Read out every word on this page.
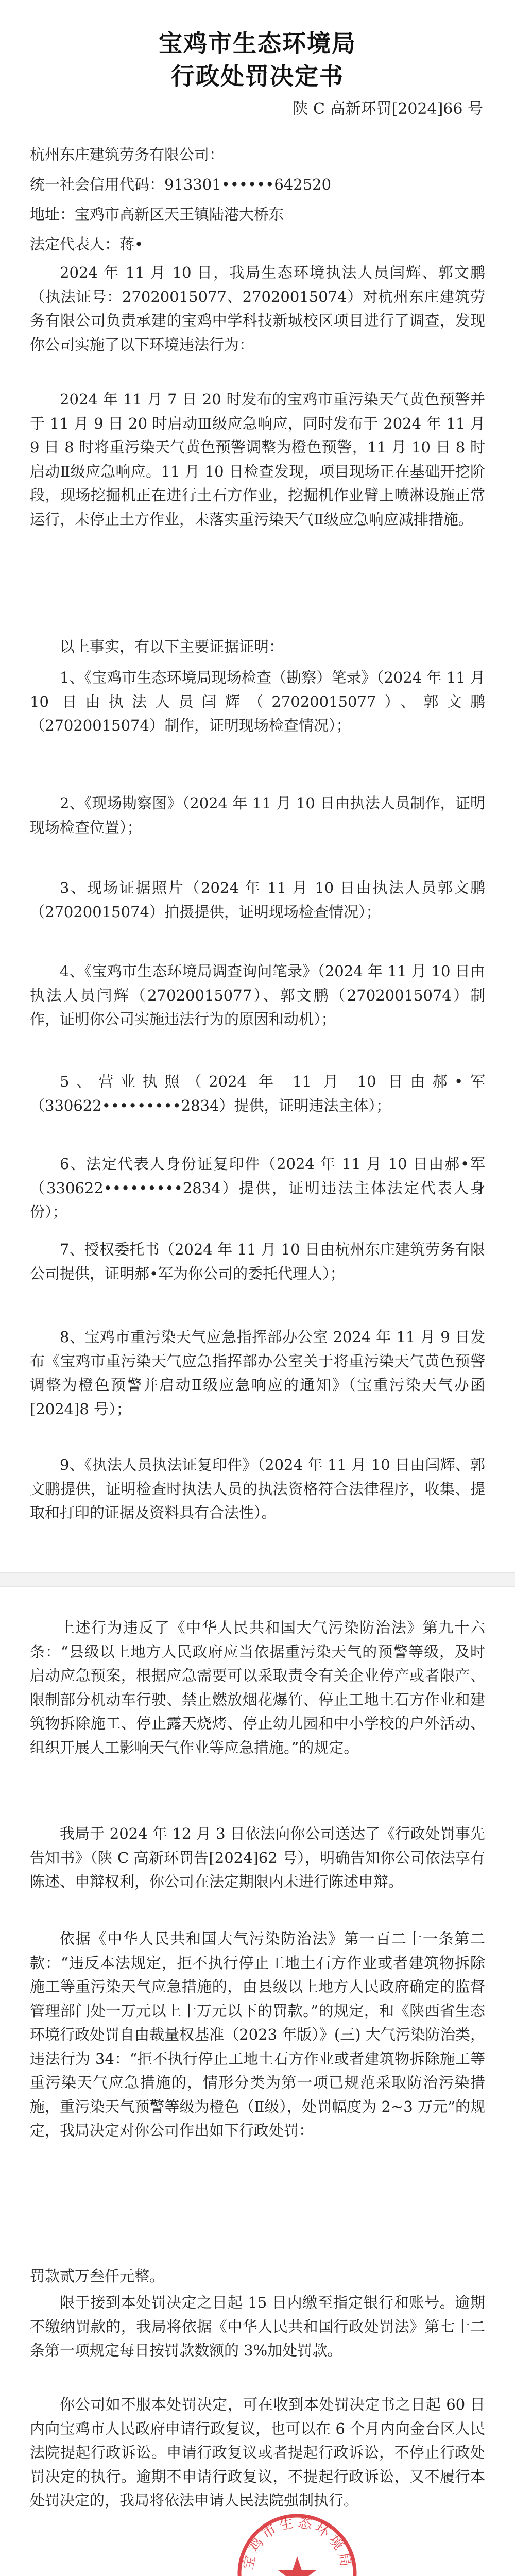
宝鸡市生态环境局
行政处罚决定书
陕 C 高新环罚[2024]66 号
杭州东庄建筑劳务有限公司：
统一社会信用代码：913301••••••642520
地址：宝鸡市高新区天王镇陆港大桥东
法定代表人：蒋•
2024 年 11 月 10 日，我局生态环境执法人员闫辉、郭文鹏（执法证号：27020015077、27020015074）对杭州东庄建筑劳务有限公司负责承建的宝鸡中学科技新城校区项目进行了调查，发现你公司实施了以下环境违法行为：
2024 年 11 月 7 日 20 时发布的宝鸡市重污染天气黄色预警并于 11 月 9 日 20 时启动Ⅲ级应急响应，同时发布于 2024 年 11 月 9 日 8 时将重污染天气黄色预警调整为橙色预警，11 月 10 日 8 时启动Ⅱ级应急响应。11 月 10 日检查发现，项目现场正在基础开挖阶段，现场挖掘机正在进行土石方作业，挖掘机作业臂上喷淋设施正常运行，未停止土方作业，未落实重污染天气Ⅱ级应急响应减排措施。
以上事实，有以下主要证据证明：
1、《宝鸡市生态环境局现场检查（勘察）笔录》（2024 年 11 月 10 日由执法人员闫辉（27020015077）、郭文鹏（27020015074）制作，证明现场检查情况）；
2、《现场勘察图》（2024 年 11 月 10 日由执法人员制作，证明现场检查位置）；
3、现场证据照片（2024 年 11 月 10 日由执法人员郭文鹏（27020015074）拍摄提供，证明现场检查情况）；
4、《宝鸡市生态环境局调查询问笔录》（2024 年 11 月 10 日由执法人员闫辉（27020015077）、郭文鹏（27020015074）制作，证明你公司实施违法行为的原因和动机）；
5、营业执照（2024 年 11 月 10 日由郝•军（330622•••••••••2834）提供，证明违法主体）；
6、法定代表人身份证复印件（2024 年 11 月 10 日由郝•军（330622•••••••••2834）提供，证明违法主体法定代表人身份）；
7、授权委托书（2024 年 11 月 10 日由杭州东庄建筑劳务有限公司提供，证明郝•军为你公司的委托代理人）；
8、宝鸡市重污染天气应急指挥部办公室 2024 年 11 月 9 日发布《宝鸡市重污染天气应急指挥部办公室关于将重污染天气黄色预警调整为橙色预警并启动Ⅱ级应急响应的通知》（宝重污染天气办函[2024]8 号）；
9、《执法人员执法证复印件》（2024 年 11 月 10 日由闫辉、郭文鹏提供，证明检查时执法人员的执法资格符合法律程序，收集、提取和打印的证据及资料具有合法性）。
上述行为违反了《中华人民共和国大气污染防治法》第九十六条：“县级以上地方人民政府应当依据重污染天气的预警等级，及时启动应急预案，根据应急需要可以采取责令有关企业停产或者限产、限制部分机动车行驶、禁止燃放烟花爆竹、停止工地土石方作业和建筑物拆除施工、停止露天烧烤、停止幼儿园和中小学校的户外活动、组织开展人工影响天气作业等应急措施。”的规定。
我局于 2024 年 12 月 3 日依法向你公司送达了《行政处罚事先告知书》（陕 C 高新环罚告[2024]62 号），明确告知你公司依法享有陈述、申辩权利，你公司在法定期限内未进行陈述申辩。
依据《中华人民共和国大气污染防治法》第一百二十一条第二款：“违反本法规定，拒不执行停止工地土石方作业或者建筑物拆除施工等重污染天气应急措施的，由县级以上地方人民政府确定的监督管理部门处一万元以上十万元以下的罚款。”的规定，和《陕西省生态环境行政处罚自由裁量权基准（2023 年版）》(三) 大气污染防治类，违法行为 34：“拒不执行停止工地土石方作业或者建筑物拆除施工等重污染天气应急措施的，情形分类为第一项已规范采取防治污染措施，重污染天气预警等级为橙色（Ⅱ级），处罚幅度为 2~3 万元”的规定，我局决定对你公司作出如下行政处罚：
罚款贰万叁仟元整。
限于接到本处罚决定之日起 15 日内缴至指定银行和账号。逾期不缴纳罚款的，我局将依据《中华人民共和国行政处罚法》第七十二条第一项规定每日按罚款数额的 3%加处罚款。
你公司如不服本处罚决定，可在收到本处罚决定书之日起 60 日内向宝鸡市人民政府申请行政复议，也可以在 6 个月内向金台区人民法院提起行政诉讼。申请行政复议或者提起行政诉讼，不停止行政处罚决定的执行。逾期不申请行政复议，不提起行政诉讼，又不履行本处罚决定的，我局将依法申请人民法院强制执行。
宝鸡市生态环境局
